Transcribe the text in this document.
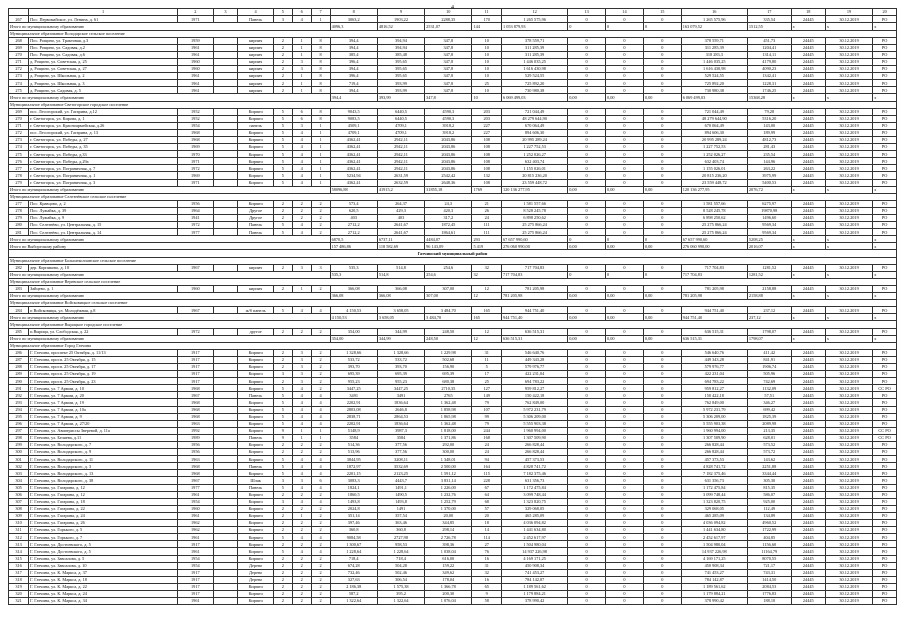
4
	1	2	3	4	5	6	7	8	9	10	11	12	13	14	15	16	17	18	19	20
267	Пос. Первомайское, ул. Ленина, д. 61	1971		Панель	3	4	1	3063,2	1903,22	2288,35	170	1 265 575,96	0	0	0	1 265 575,96	335,54	24445	30.12.2019	РО
Итого по муниципальному образованию								4096,3	4816,52	2531,07	144	1 053 879,93	0	0	0	163 079,52	1512,55	x	x	x
Муниципальное образование Володарское сельское поселение																				
268	Пос. Рощино, ул. Трактовая, д.3	1959		кирпич	2	1	8	394,4	394,94	347,8	10	378 559,71	0	0	0	378 559,71	451,73	24445	30.12.2019	РО
269	Пос. Рощино, ул. Садовая, д.2	1961		кирпич	2	1	8	394,4	394,94	347,8	10	311 285,39	0	0	0	311 285,39	1204,41	24445	30.12.2019	РО
270	Пос. Рощино, ул. Садовая, д.6	1961		кирпич	2	1	8	385,4	385,48	347,8	10	311 285,39	0	0	0	318 283,3	1314,11	24445	30.12.2019	РО
271	д. Рощино, ул. Советская, д. 25	1960		кирпич	2	3	8	396,4	395,65	347,8	10	1 446 035,25	0	0	0	1 446 035,25	4179,80	24445	30.12.2019	РО
272	д. Рощино, ул. Советская, д. 27	1960		кирпич	2	3	8	394,4	395,65	347,8	10	1 616 430,98	0	0	0	1 616 430,98	4090,23	24445	30.12.2019	РО
273	д. Рощино, ул. Школьная, д. 2	1961		кирпич	2	1	8	396,4	395,65	347,8	10	529 524,55	0	0	0	529 524,55	1342,41	24445	30.12.2019	РО
274	д. Рощино, ул. Школьная, д. 3	1961		кирпич	2	1	8	719,4	393,99	347,8	25	725 892,20	0	0	0	725 892,20	1228,31	24445	30.12.2019	РО
275	д. Рощино, ул. Садовая, д. 5	1961		кирпич	2	1	8	394,4	393,99	347,8	10	730 980,38	0	0	0	730 980,38	1746,25	24445	30.12.2019	РО
Итого по муниципальному образованию								394,4	393,99	347,8	10	6 069 499,03	0,00	0,00	0,00	6 069 499,03	15368,28	x	x	x
Муниципальное образование Светогорское городское поселение																				
269	пос. Лесогорский, ул. Гагарина, д.12	1952		Кирпич	5	6	8	9043,5	6440,5	4590,3	203	721 044,49	0	0	0	721 044,49	79,28	24445	30.12.2019	РО
270	г. Светогорск, ул. Кирова, д. 1	1952		Кирпич	5	6	8	9083,5	6440,5	4590,3	203	48 279 644,90	0	0	0	48 279 644,90	5316,20	24445	30.12.2019	РО
271	г. Светогорск, ул. Красноармейская, д.26	1954		панель	5	3	1	4509,1	4709,1	3918,2	227	670 064,49	0	0	0	670 064,49	143,00	24445	30.12.2019	РО
272	пос. Лесогорский, ул. Гагарина, д. 13	1968		Кирпич	5	4	1	4709,1	4709,1	3918,2	227	894 606,30	0	0	0	894 606,30	189,99	24445	30.12.2019	РО
273	г. Светогорск, ул. Победы, д. 27	1968		Кирпич	5	4	1	4362,41	2942,11	2043,86	108	20 995 289,24	0	0	0	20 995 289,24	4812,73	24445	30.12.2019	РО
274	г. Светогорск, ул. Победы, д. 35	1969		Кирпич	5	4	1	4362,41	2942,11	2043,86	108	1 227 752,53	0	0	0	1 227 752,53	281,43	24445	30.12.2019	РО
275	г. Светогорск, ул. Победы, д.33	1970		Кирпич	5	4	1	4362,41	2942,11	2043,86	108	1 252 026,27	0	0	0	1 252 026,27	235,54	24445	30.12.2019	РО
276	г. Светогорск, ул. Победы, д.29а	1971		Кирпич	5	4	1	4362,41	2942,11	2043,86	108	632 403,74	0	0	0	632 403,74	144,96	24445	30.12.2019	РО
277	г. Светогорск, ул. Пограничная, д. 7	1972		Кирпич	5	4	1	4362,41	2942,11	2043,86	108	1 155 026,01	0	0	0	1 155 026,01	263,22	24445	30.12.2019	РО
278	г. Светогорск, ул. Пограничная, д. 1	1969		Кирпич	5	4	1	5234,94	2631,59	2542,42	132	20 815 236,20	0	0	0	20 815 236,20	3975,99	24445	30.12.2019	РО
279	г. Светогорск, ул. Пограничная, д. 3	1971		Кирпич	5	4	1	4362,41	2632,59	2648,36	108	23 559 448,72	0	0	0	23 559 448,72	5400,53	24445	30.12.2019	РО
Итого по муниципальному образованию								58096,88	41915,2	31855,18	1769	120 136 277,95	0,00	0,00	0,00	120 136 277,95	2076,72	x	x	x
Муниципальное образование Селезнёвское сельское поселение																				
277	Пос. Кравцово, д. 2	1956		Кирпич	2	2	2	573,4	264,37	24,3	21	1 581 557,66	0	0	0	1 581 557,66	6275,97	24445	30.12.2019	РО
278	Пос. Лужайка, д. 39	1964		Другое	2	2	2	620,5	429,3	420,3	26	8 528 245,78	0	0	0	8 528 245,78	19870,98	24445	30.12.2019	РО
279	Пос. Лужайка, д. 9	1941		Другое	2	2	2	403	403	317,2	24	6 898 250,62	0	0	0	6 898 250,62	1496,60	24445	30.12.2019	РО
280	Пос. Селезнёво, ул. Центральная, д. 15	1972		Панель	5	4	2	2712,2	2641,67	1872,45	111	25 275 866,24	0	0	0	25 275 866,24	9569,34	24445	30.12.2019	РО
281	Пос. Селезнёво, ул. Центральная, д. 14	1977		Панель	5	4	2	2712,2	2641,67	1864,61	111	25 275 866,24	0	0	0	25 275 866,24	9569,34	24445	30.12.2019	РО
Итого по муниципальному образованию								6870,5	6737,11	4484,07	293	67 657 990,60	0	0	0	67 657 990,60	5208,25	x	x	x
Итого по Выборгскому району								157 486,86	118 582,69	96 143,09	5 419	276 060 990,00	0,00	0,00	0,00	276 060 990,00	2016,07	x	x	x
Гатчинский муниципальный район																				
Муниципальное образование Большеколпанское сельское поселение																				
282	дер. Корпиково, д. 10	1967		кирпич	2	3	3	535,3	514,8	254,6	32	717 704,83	0	0	0	717 704,83	1281,52	24445	30.12.2019	РО
Итого по муниципальному образованию								535,3	514,8	254,6	32	717 704,83	0	0	0	717 704,83	1281,52	x	x	x
Муниципальное образование Веревское сельское поселение																				
283	Зайцево, д. 1	1960		кирпич	2	1	2	366,08	366,08	307,00	12	781 205,98	0	0	0	781 205,98	2158,88	24445	30.12.2019	РО
Итого по муниципальному образованию								366,08	366,08	307,00	12	781 205,98	0,00	0,00	0,00	781 205,98	2158,88	x	x	x
Муниципальное образование Войсковицкое сельское поселение																				
284	п Войсковицы, ул. Молодёжная, д.8	1967		ж/б панель	5	4	4	4 150,53	3 658,05	3 484,70	165	944 751,40	0	0	0	944 751,40	237,12	24445	30.12.2019	РО
Итого по муниципальному образованию								4 150,53	3 658,05	3 484,70	165	944 751,40	0,00	0,00	0,00	944 751,40	237,12	x	x	x
Муниципальное образование Вырицкое городское поселение																				
285	п.Вырица, ул. Слободская, д. 22	1972		другое	2	2	2	354,00	344,99	248,50	12	636 515,31	0	0	0	636 515,31	1798,07	24445	30.12.2019	РО
Итого по муниципальному образованию								354,00	344,99	248,50	12	636 515,31	0,00	0,00	0,00	636 515,31	1798,07	x	x	x
Муниципальное образование Город Гатчина																				
286	Г. Гатчина, проспект 25 Октября, д. 11/13	1917		Кирпич	2	3	2	1 328,66	1 328,66	1 229,98	31	546 640,76	0	0	0	546 640,76	411,42	24445	30.12.2019	РО
287	Г. Гатчина, просп. 25 Октября, д. 15	1917		Кирпич	2	3	2	533,72	533,72	502,68	11	449 343,28	0	0	0	449 343,28	841,91	24445	30.12.2019	РО
288	Г. Гатчина, просп. 25 Октября, д. 17	1917		Кирпич	2	3	2	393,70	393,70	156,90	5	579 976,77	0	0	0	579 976,77	1906,74	24445	30.12.2019	РО
289	Г. Гатчина, просп. 25 Октября, д. 19	1917		Кирпич	3	3	2	695,39	695,39	695,39	17	422 231,04	0	0	0	422 231,04	505,96	24445	30.12.2019	РО
290	Г. Гатчина, просп. 25 Октября, д. 23	1917		Кирпич	2	3	2	955,23	955,23	680,38	25	694 783,22	0	0	0	694 783,22	742,69	24445	30.12.2019	РО
291	Г. Гатчина, ул. 7 Армии, д. 10	1968		Кирпич	5	4	2	3447,25	3447,25	2710,35	127	959 812,27	0	0	0	959 812,27	1132,09	24445	30.12.2019	СС РО
292	Г. Гатчина, ул. 7 Армии, д. 20	1967		Панель	5	4	4	3491	3491	2765	149	150 422,18	0	0	0	150 422,18	57,51	24445	30.12.2019	РО
293	Г. Гатчина, ул. 7 Армии, д. 19	1968		Кирпич	5	4	4	2202,91	1836,64	1 362,48	79	762 849,00	0	0	0	762 849,00	346,27	24445	30.12.2019	РО
294	Г. Гатчина, ул. 7 Армии, д. 10а	1968		Кирпич	5	4	4	2803,08	2646,8	1 858,98	107	5 972 231,79	0	0	0	5 972 231,79	699,42	24445	30.12.2019	РО
295	Г. Гатчина, ул. 7 Армии, д. 9	1968		Кирпич	5	4	4	2838,71	2864,53	1 865,98	99	5 306 209,00	0	0	0	5 306 209,00	1825,39	24445	30.12.2019	РО
296	Г. Гатчина, ул. 7 Армии, д. 27/20	1963		Кирпич	5	4	4	2202,91	1836,64	1 362,48	79	5 555 903,38	0	0	0	5 555 903,38	2089,98	24445	30.12.2019	РО
297	Г. Гатчина, ул. Авиатриссы Зверевой, д. 11а	1992		Кирпич	9	1	1	5148,9	3987,3	1 818,00	244	1 960 994,00	0	0	0	1 960 994,00	213,35	24445	30.12.2019	СС РО
298	Г. Гатчина, ул. Беляева, д.11	1989		Панель	9	1	1	3584	3584	1 371,86	168	1 307 509,90	0	0	0	1 307 509,90	628,01	24445	30.12.2019	СС РО
299	Г. Гатчина, ул. Володарского, д. 7	1956		Кирпич	2	2	2	514,36	377,56	292,00	24	266 828,44	0	0	0	266 828,44	573,52	24445	30.12.2019	РО
300	Г. Гатчина, ул. Володарского, д. 9	1956		Кирпич	2	2	2	513,96	377,56	300,00	24	266 828,44	0	0	0	266 828,44	573,72	24445	30.12.2019	РО
301	Г. Гатчина, ул. Володарского, д. 11	1963		Кирпич	5	4	4	3844,95	3208,11	1 348,01	94	457 373,53	0	0	0	457 373,53	143,62	24445	30.12.2019	РО
302	Г. Гатчина, ул. Володарского, д. 3	1968		Панель	5	4	4	1872,97	3532,69	2 500,00	164	4 828 741,72	0	0	0	4 828 741,72	2251,88	24445	30.12.2019	РО
303	Г. Гатчина, ул. Володарского, д. 13	1968		Кирпич	5	4	4	2201,15	2123,25	1 591,12	115	7 182 375,46	0	0	0	7 182 375,46	3344,44	24445	30.12.2019	РО
304	Г. Гатчина, ул. Володарского, д. 38	1967		Шлак	3	3	6	3083,3	4443,7	3 831,14	228	631 356,73	0	0	0	631 356,73	305,30	24445	30.12.2019	РО
305	Г. Гатчина, ул. Гагарина, д. 12	1977		Панель	5	4	4	1824,1	1491,1	1 226,00	67	1 172 475,84	0	0	0	1 172 475,84	815,35	24445	30.12.2019	РО
306	Г. Гатчина, ул. Гагарина, д. 12	1961		Кирпич	2	2	2	1860,5	1490,5	1 232,76	64	3 099 748,44	0	0	0	3 099 748,44	586,07	24445	30.12.2019	РО
307	Г. Гатчина, ул. Гагарина, д. 18	1954		Кирпич	3	4	4	1493,8	1493,8	1 252,79	68	1 323 820,75	0	0	0	1 323 820,75	925,00	24445	30.12.2019	РО
308	Г. Гатчина, ул. Гагарина, д. 22	1960		Кирпич	2	2	2	2024,8	1491	1 370,00	57	329 068,05	0	0	0	329 068,05	112,49	24445	30.12.2019	РО
309	Г. Гатчина, ул. Гагарина, д. 24	1961		Кирпич	2	1	2	351,14	357,54	20,00	20	465 285,09	0	0	0	465 285,09	134,89	24445	30.12.2019	РО
310	Г. Гатчина, ул. Гагарина, д. 26	1962		Кирпич	2	2	2	397,46	363,46	344,85	18	4 036 094,82	0	0	0	4 036 094,82	4960,52	24445	30.12.2019	РО
311	Г. Гатчина, ул. Горького, д. 5	1962		Кирпич	2	2	2	360,8	360,8	298,14	14	1 441 634,80	0	0	0	1 441 634,80	1722,99	24445	30.12.2019	РО
312	Г. Гатчина, ул. Горького, д. 7	1961		Кирпич	5	4	4	9084,58	2727,98	2 726,78	114	2 452 617,97	0	0	0	2 452 617,97	404,85	24445	30.12.2019	РО
313	Г. Гатчина, ул. Достоевского, д. 5	1917		Кирпич	2	2	2	1 300,67	958,53	398,36	27	1 504 980,04	0	0	0	1 504 980,04	1156,60	24445	30.12.2019	РО
314	Г. Гатчина, ул. Достоевского, д. 5	1961		Кирпич	5	4	4	1 228,64	1 228,64	1 038,04	76	14 937 226,98	0	0	0	14 937 226,98	11164,79	24445	30.12.2019	РО
315	Г. Гатчина, ул. Завоалова, д. 5	1954		Кирпич	2	2	2	718,4	718,4	616,00	16	4 169 171,25	0	0	0	4 169 171,25	8070,55	24445	30.12.2019	РО
316	Г. Гатчина, ул. Завоалова, д. 10	1954		Дерево	2	2	2	674,28	504,28	159,22	31	450 908,34	0	0	0	450 908,34	721,17	24445	30.12.2019	РО
317	Г. Гатчина, ул. К. Маркса, д. 37	1917		Дерево	2	2	2	732,46	502,46	349,62	32	741 453,27	0	0	0	741 453,27	743,31	24445	30.12.2019	РО
318	Г. Гатчина, ул. К. Маркса, д. 18	1917		Дерево	2	2	2	327,63	306,54	178,04	16	784 142,87	0	0	0	784 142,87	1414,50	24445	30.12.2019	РО
319	Г. Гатчина, ул. К. Маркса, д. 22	1917		Кирпич	2	2	2	2 186,38	1 575,38	1 366,78	65	1 189 561,62	0	0	0	1 189 561,62	2084,53	24445	30.12.2019	РО
320	Г. Гатчина, ул. К. Маркса, д. 24	1917		Кирпич	2	2	2	587,2	395,2	200,30	9	1 179 884,21	0	0	0	1 179 884,21	1776,83	24445	30.12.2019	РО
321	Г. Гатчина, ул. К. Маркса, д. 34	1961		Кирпич	2	2	2	1 322,64	1 322,64	1 076,04	58	378 990,42	0	0	0	378 990,42	188,10	24445	30.12.2019	РО
